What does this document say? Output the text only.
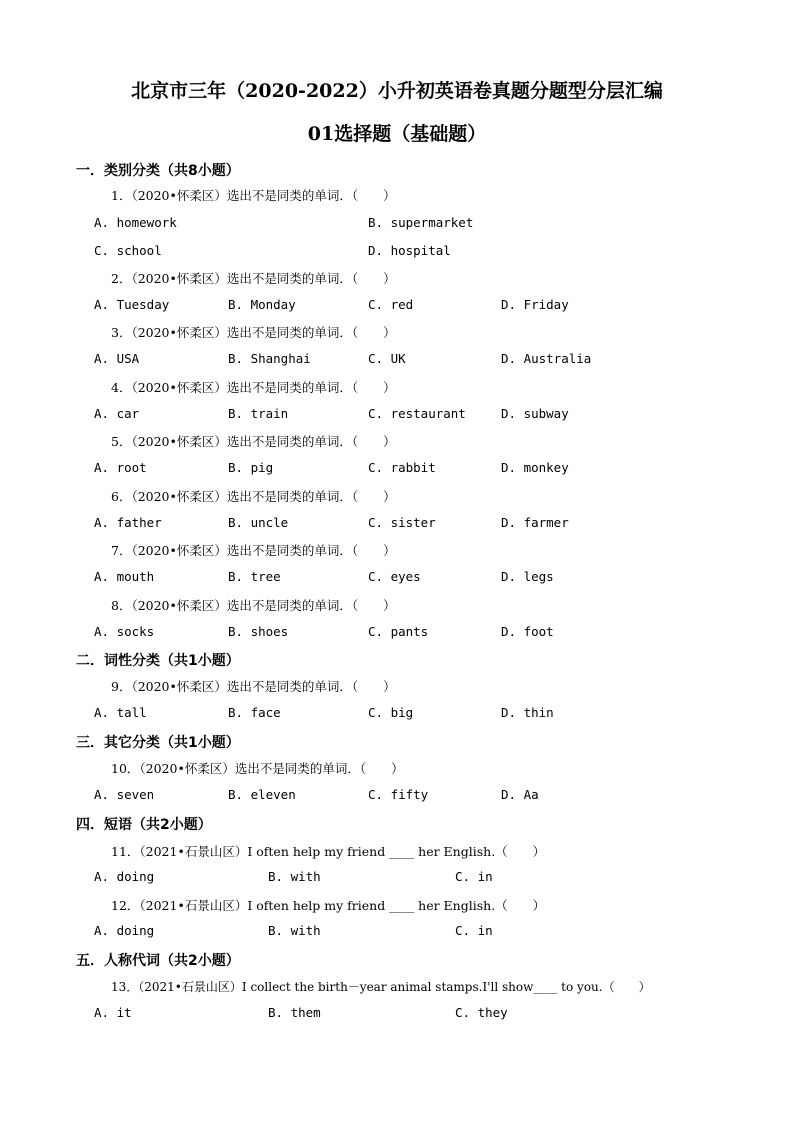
北京市三年（2020-2022）小升初英语卷真题分题型分层汇编
01选择题（基础题）
一．类别分类（共8小题）
1．（2020•怀柔区）选出不是同类的单词．（　　）
A. homework	B. supermarket
C. school	D. hospital
2．（2020•怀柔区）选出不是同类的单词．（　　）
A. Tuesday	B. Monday	C. red	D. Friday
3．（2020•怀柔区）选出不是同类的单词．（　　）
A. USA	B. Shanghai	C. UK	D. Australia
4．（2020•怀柔区）选出不是同类的单词．（　　）
A. car	B. train	C. restaurant	D. subway
5．（2020•怀柔区）选出不是同类的单词．（　　）
A. root	B. pig	C. rabbit	D. monkey
6．（2020•怀柔区）选出不是同类的单词．（　　）
A. father	B. uncle	C. sister	D. farmer
7．（2020•怀柔区）选出不是同类的单词．（　　）
A. mouth	B. tree	C. eyes	D. legs
8．（2020•怀柔区）选出不是同类的单词．（　　）
A. socks	B. shoes	C. pants	D. foot
二．词性分类（共1小题）
9．（2020•怀柔区）选出不是同类的单词．（　　）
A. tall	B. face	C. big	D. thin
三．其它分类（共1小题）
10．（2020•怀柔区）选出不是同类的单词．（　　）
A. seven	B. eleven	C. fifty	D. Aa
四．短语（共2小题）
11．（2021•石景山区）I often help my friend ____ her English.（　　）
A. doing	B. with	C. in
12．（2021•石景山区）I often help my friend ____ her English.（　　）
A. doing	B. with	C. in
五．人称代词（共2小题）
13．（2021•石景山区）I collect the birth－year animal stamps.I'll show____ to you.（　　）
A. it	B. them	C. they
